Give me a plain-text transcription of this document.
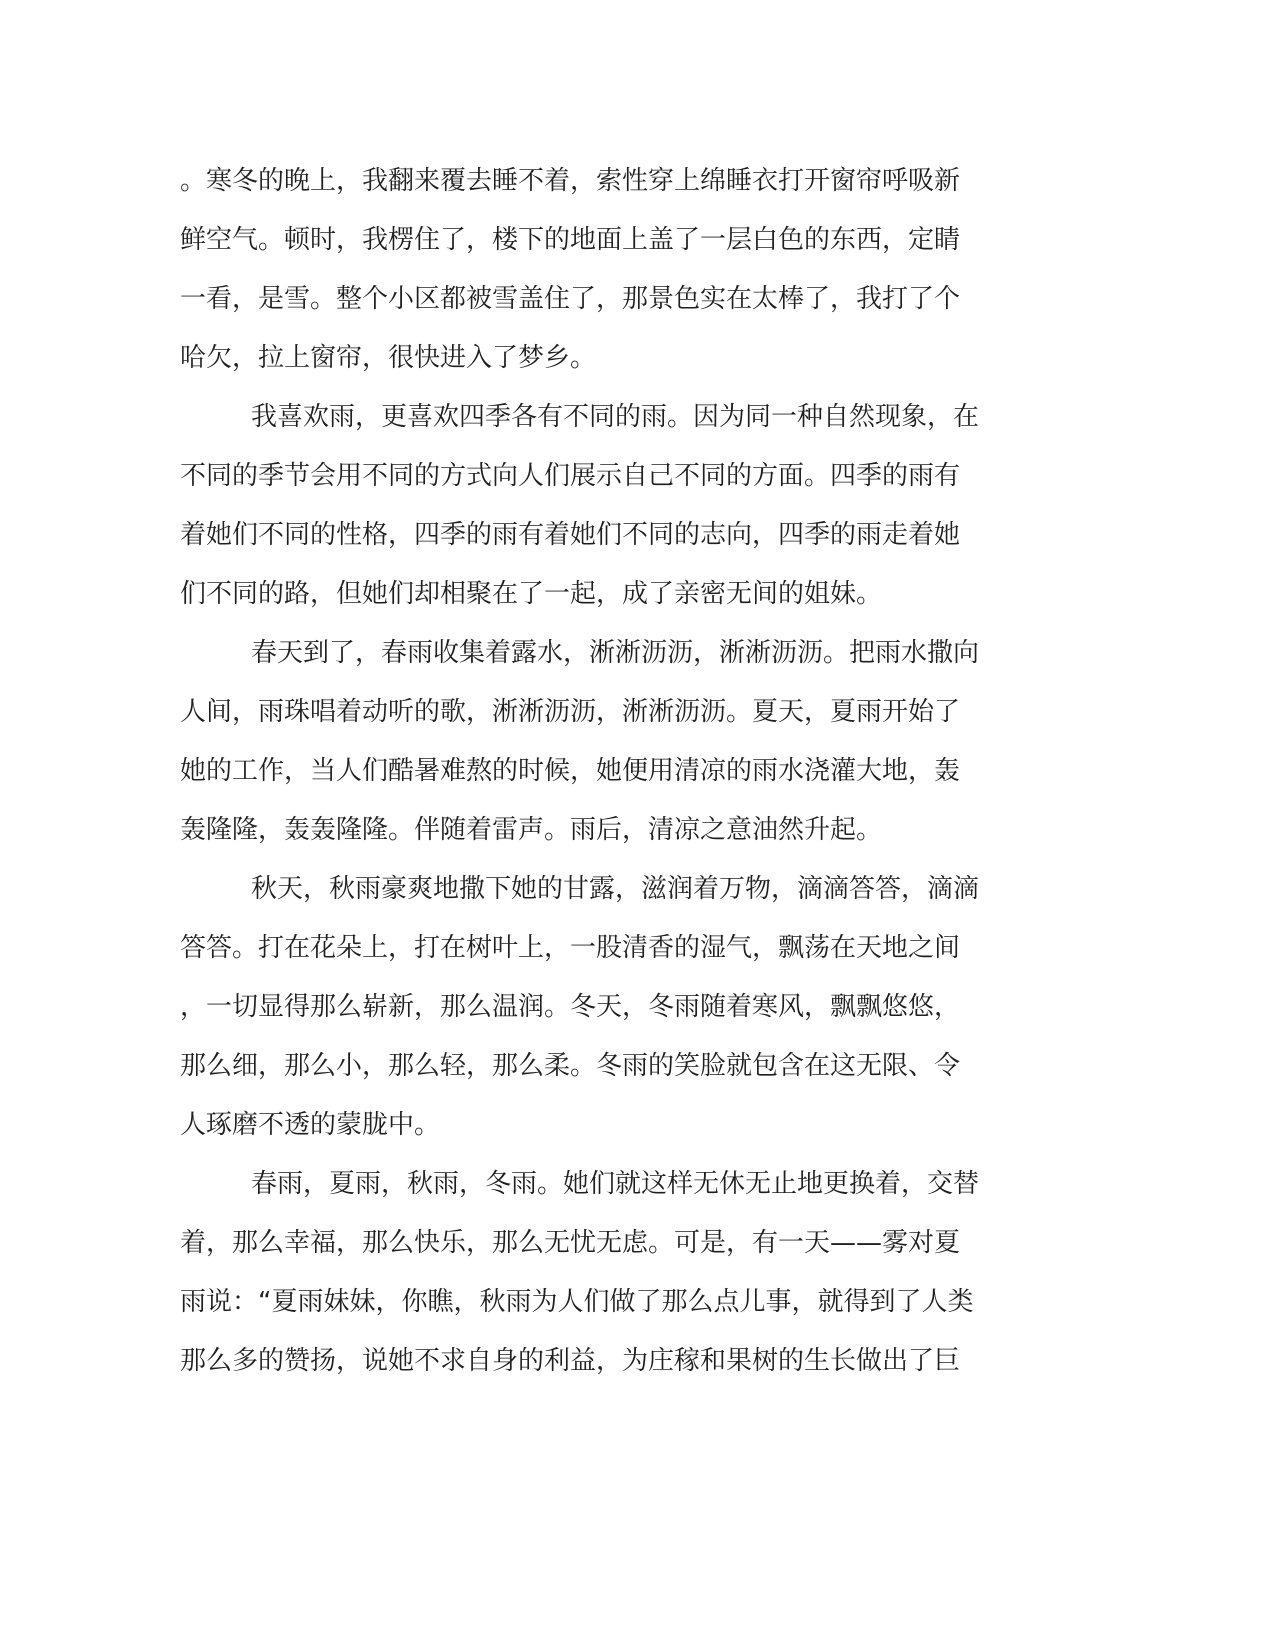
。寒冬的晚上，我翻来覆去睡不着，索性穿上绵睡衣打开窗帘呼吸新
鲜空气。顿时，我楞住了，楼下的地面上盖了一层白色的东西，定睛
一看，是雪。整个小区都被雪盖住了，那景色实在太棒了，我打了个
哈欠，拉上窗帘，很快进入了梦乡。
我喜欢雨，更喜欢四季各有不同的雨。因为同一种自然现象，在
不同的季节会用不同的方式向人们展示自己不同的方面。四季的雨有
着她们不同的性格，四季的雨有着她们不同的志向，四季的雨走着她
们不同的路，但她们却相聚在了一起，成了亲密无间的姐妹。
春天到了，春雨收集着露水，淅淅沥沥，淅淅沥沥。把雨水撒向
人间，雨珠唱着动听的歌，淅淅沥沥，淅淅沥沥。夏天，夏雨开始了
她的工作，当人们酷暑难熬的时候，她便用清凉的雨水浇灌大地，轰
轰隆隆，轰轰隆隆。伴随着雷声。雨后，清凉之意油然升起。
秋天，秋雨豪爽地撒下她的甘露，滋润着万物，滴滴答答，滴滴
答答。打在花朵上，打在树叶上，一股清香的湿气，飘荡在天地之间
，一切显得那么崭新，那么温润。冬天，冬雨随着寒风，飘飘悠悠，
那么细，那么小，那么轻，那么柔。冬雨的笑脸就包含在这无限、令
人琢磨不透的蒙胧中。
春雨，夏雨，秋雨，冬雨。她们就这样无休无止地更换着，交替
着，那么幸福，那么快乐，那么无忧无虑。可是，有一天——雾对夏
雨说：“夏雨妹妹，你瞧，秋雨为人们做了那么点儿事，就得到了人类
那么多的赞扬，说她不求自身的利益，为庄稼和果树的生长做出了巨
